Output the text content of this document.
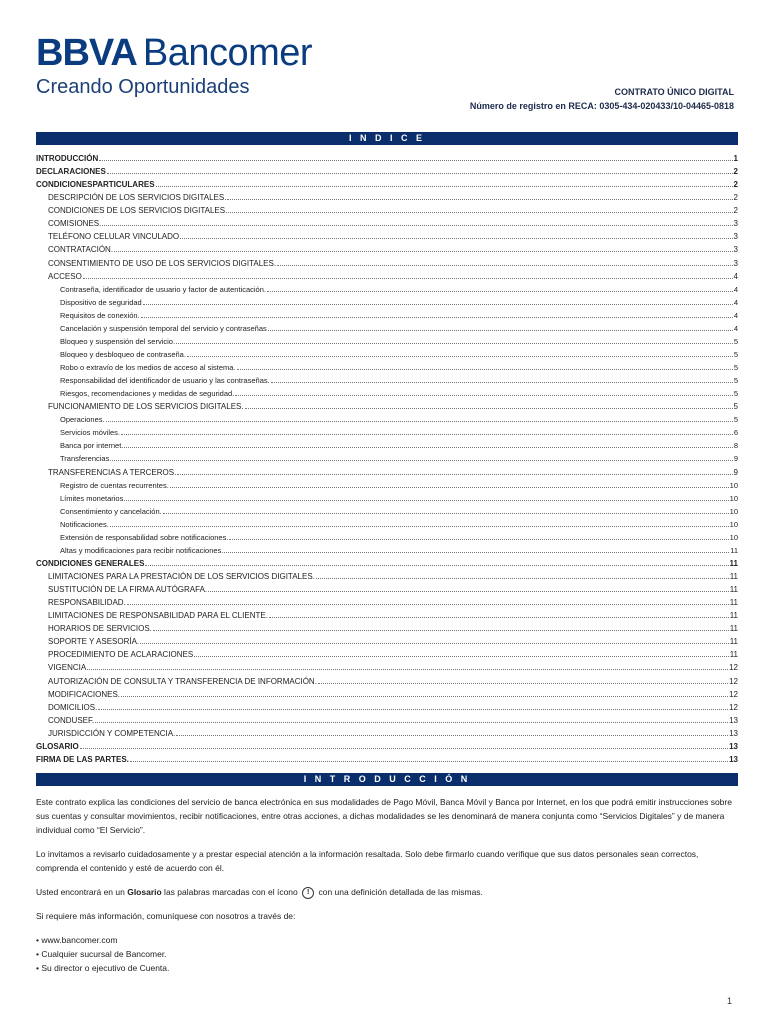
BBVA Bancomer
Creando Oportunidades	CONTRATO ÚNICO DIGITAL
Número de registro en RECA: 0305-434-020433/10-04465-0818
I N D I C E
INTRODUCCIÓN	1
DECLARACIONES	2
CONDICIONESPARTICULARES	2
DESCRIPCIÓN DE LOS SERVICIOS DIGITALES.	2
CONDICIONES DE LOS SERVICIOS DIGITALES.	2
COMISIONES.	3
TELÉFONO CELULAR VINCULADO.	3
CONTRATACIÓN.	3
CONSENTIMIENTO DE USO DE LOS SERVICIOS DIGITALES.	3
ACCESO	4
Contraseña, identificador de usuario y factor de autenticación.	4
Dispositivo de seguridad	4
Requisitos de conexión.	4
Cancelación y suspensión temporal del servicio y contraseñas	4
Bloqueo y suspensión del servicio.	5
Bloqueo y desbloqueo de contraseña.	5
Robo o extravío de los medios de acceso al sistema.	5
Responsabilidad del identificador de usuario y las contraseñas.	5
Riesgos, recomendaciones y medidas de seguridad.	5
FUNCIONAMIENTO DE LOS SERVICIOS DIGITALES.	5
Operaciones.	5
Servicios móviles.	6
Banca por internet.	8
Transferencias.	9
TRANSFERENCIAS A TERCEROS.	9
Registro de cuentas recurrentes.	10
Límites monetarios.	10
Consentimiento y cancelación.	10
Notificaciones.	10
Extensión de responsabilidad sobre notificaciones.	10
Altas y modificaciones para recibir notificaciones.	11
CONDICIONES GENERALES	11
LIMITACIONES PARA LA PRESTACIÓN DE LOS SERVICIOS DIGITALES.	11
SUSTITUCIÓN DE LA FIRMA AUTÓGRAFA.	11
RESPONSABILIDAD.	11
LIMITACIONES DE RESPONSABILIDAD PARA EL CLIENTE.	11
HORARIOS DE SERVICIOS.	11
SOPORTE Y ASESORÍA.	11
PROCEDIMIENTO DE ACLARACIONES.	11
VIGENCIA.	12
AUTORIZACIÓN DE CONSULTA Y TRANSFERENCIA DE INFORMACIÓN.	12
MODIFICACIONES.	12
DOMICILIOS.	12
CONDUSEF.	13
JURISDICCIÓN Y COMPETENCIA.	13
GLOSARIO	13
FIRMA DE LAS PARTES.	13
I N T R O D U C C I Ó N

Este contrato explica las condiciones del servicio de banca electrónica en sus modalidades de Pago Móvil, Banca Móvil y Banca por Internet, en los que podrá emitir instrucciones sobre sus cuentas y consultar movimientos, recibir notificaciones, entre otras acciones, a dichas modalidades se les denominará de manera conjunta como “Servicios Digitales” y de manera individual como “El Servicio”.

Lo invitamos a revisarlo cuidadosamente y a prestar especial atención a la información resaltada. Solo debe firmarlo cuando verifique que sus datos personales sean correctos, comprenda el contenido y esté de acuerdo con él.

Usted encontrará en un Glosario las palabras marcadas con el ícono ! con una definición detallada de las mismas.

Si requiere más información, comuníquese con nosotros a través de:

• www.bancomer.com
• Cualquier sucursal de Bancomer.
• Su director o ejecutivo de Cuenta.
1
